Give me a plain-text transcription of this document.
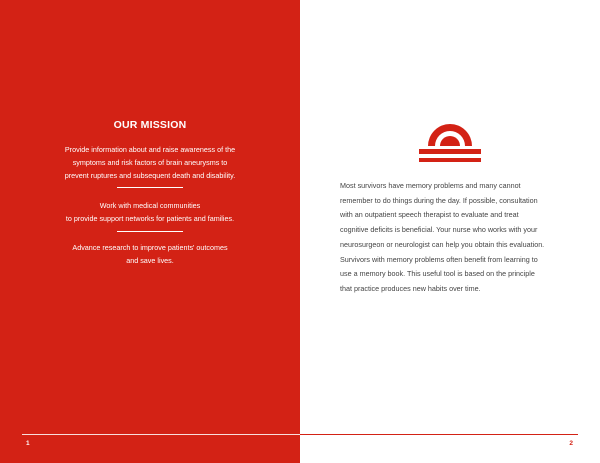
OUR MISSION
Provide information about and raise awareness of the
symptoms and risk factors of brain aneurysms to
prevent ruptures and subsequent death and disability.
Work with medical communities
to provide support networks for patients and families.
Advance research to improve patients' outcomes
and save lives.
1
Most survivors have memory problems and many cannot
remember to do things during the day. If possible, consultation
with an outpatient speech therapist to evaluate and treat
cognitive deficits is beneficial. Your nurse who works with your
neurosurgeon or neurologist can help you obtain this evaluation.
Survivors with memory problems often benefit from learning to
use a memory book. This useful tool is based on the principle
that practice produces new habits over time.
2
